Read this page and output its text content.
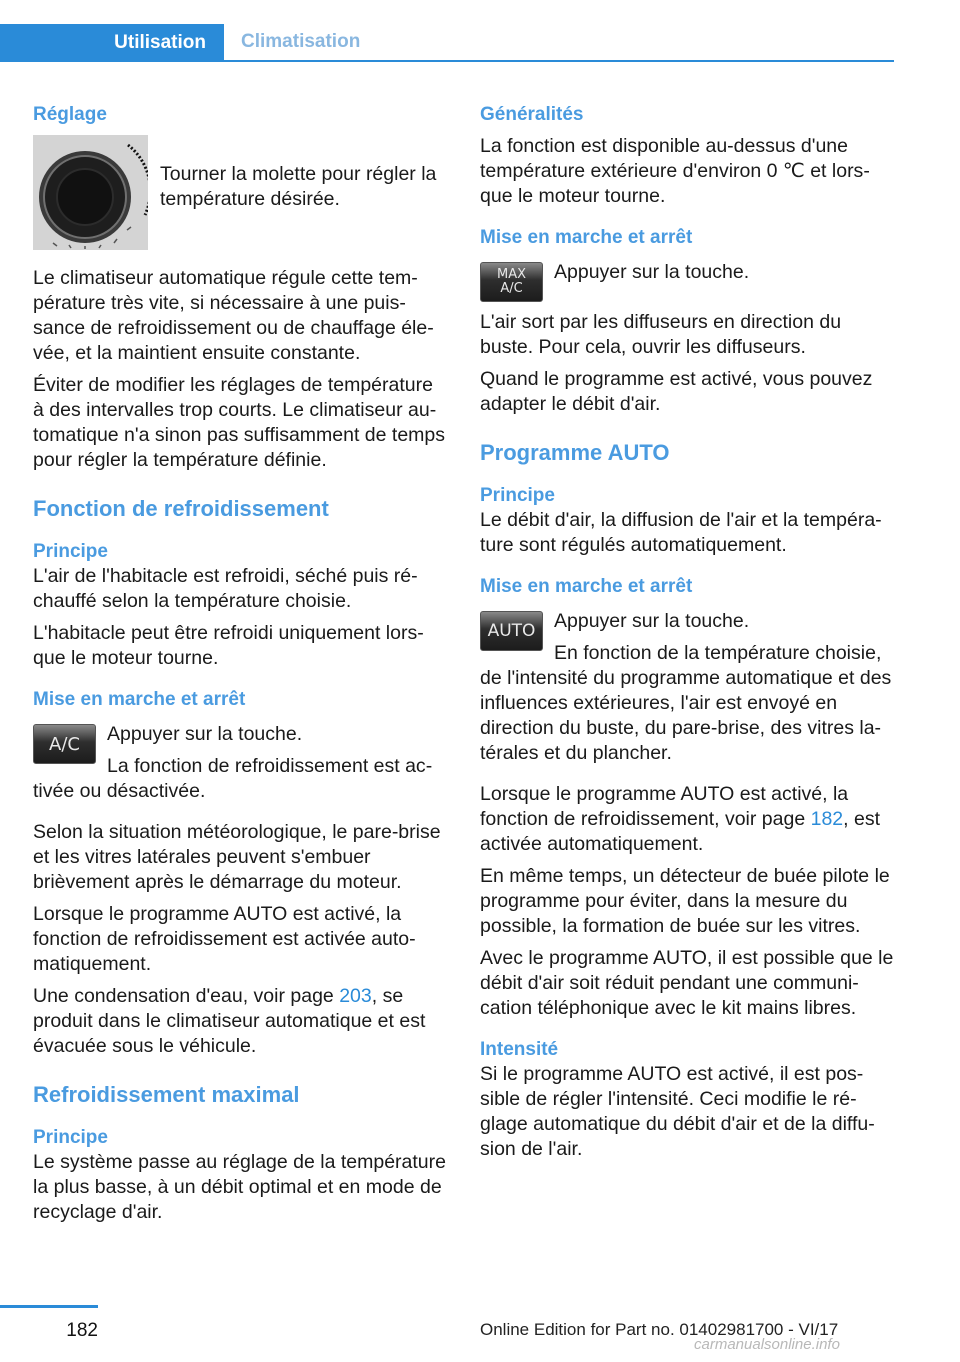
Utilisation	Climatisation
Réglage

Tourner la molette pour régler la température désirée.

Le climatiseur automatique régule cette température très vite, si nécessaire à une puissance de refroidissement ou de chauffage élevée, et la maintient ensuite constante.

Éviter de modifier les réglages de température à des intervalles trop courts. Le climatiseur automatique n'a sinon pas suffisamment de temps pour régler la température définie.

Fonction de refroidissement
Principe

L'air de l'habitacle est refroidi, séché puis réchauffé selon la température choisie.

L'habitacle peut être refroidi uniquement lorsque le moteur tourne.

Mise en marche et arrêt
A/C	Appuyer sur la touche.

La fonction de refroidissement est activée ou désactivée.

Selon la situation météorologique, le pare-brise et les vitres latérales peuvent s'embuer brièvement après le démarrage du moteur.

Lorsque le programme AUTO est activé, la fonction de refroidissement est activée automatiquement.

Une condensation d'eau, voir page 203, se produit dans le climatiseur automatique et est évacuée sous le véhicule.

Refroidissement maximal
Principe

Le système passe au réglage de la température la plus basse, à un débit optimal et en mode de recyclage d'air.

Généralités

La fonction est disponible au-dessus d'une température extérieure d'environ 0 ℃ et lorsque le moteur tourne.

Mise en marche et arrêt
MAX
A/C

Appuyer sur la touche.

L'air sort par les diffuseurs en direction du buste. Pour cela, ouvrir les diffuseurs.

Quand le programme est activé, vous pouvez adapter le débit d'air.

Programme AUTO
Principe

Le débit d'air, la diffusion de l'air et la température sont régulés automatiquement.

Mise en marche et arrêt
AUTO Appuyer sur la touche.

En fonction de la température choisie, de l'intensité du programme automatique et des influences extérieures, l'air est envoyé en direction du buste, du pare-brise, des vitres latérales et du plancher.

Lorsque le programme AUTO est activé, la fonction de refroidissement, voir page 182, est activée automatiquement.

En même temps, un détecteur de buée pilote le programme pour éviter, dans la mesure du possible, la formation de buée sur les vitres.

Avec le programme AUTO, il est possible que le débit d'air soit réduit pendant une communication téléphonique avec le kit mains libres.

Intensité

Si le programme AUTO est activé, il est possible de régler l'intensité. Ceci modifie le réglage automatique du débit d'air et de la diffusion de l'air.

182	Online Edition for Part no. 01402981700 - VI/17
carmanualsonline.info
